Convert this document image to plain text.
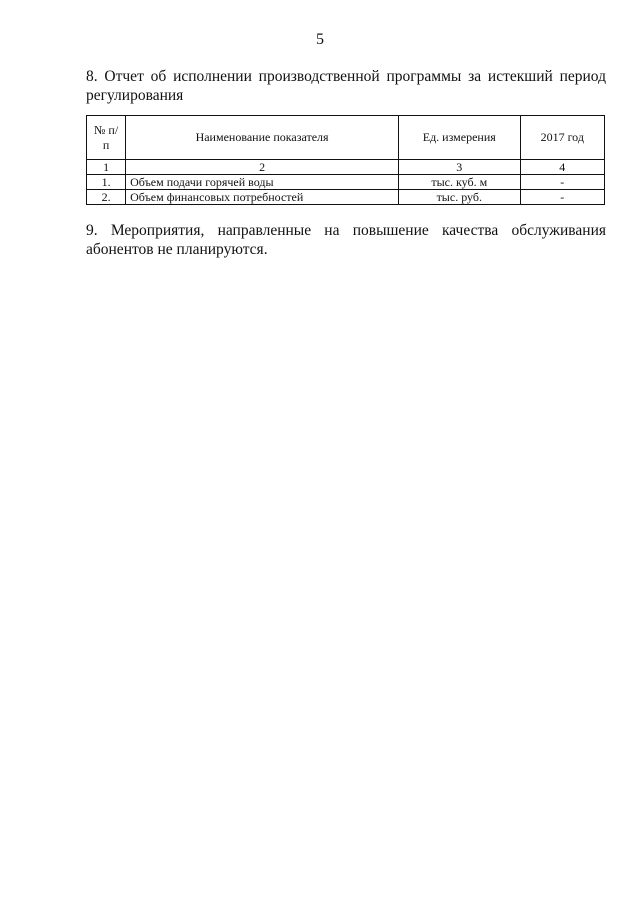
5
8. Отчет об исполнении производственной программы за истекший период регулирования
№ п/п	Наименование показателя	Ед. измерения	2017 год
1	2	3	4
1.	Объем подачи горячей воды	тыс. куб. м	-
2.	Объем финансовых потребностей	тыс. руб.	-
9. Мероприятия, направленные на повышение качества обслуживания абонентов не планируются.
